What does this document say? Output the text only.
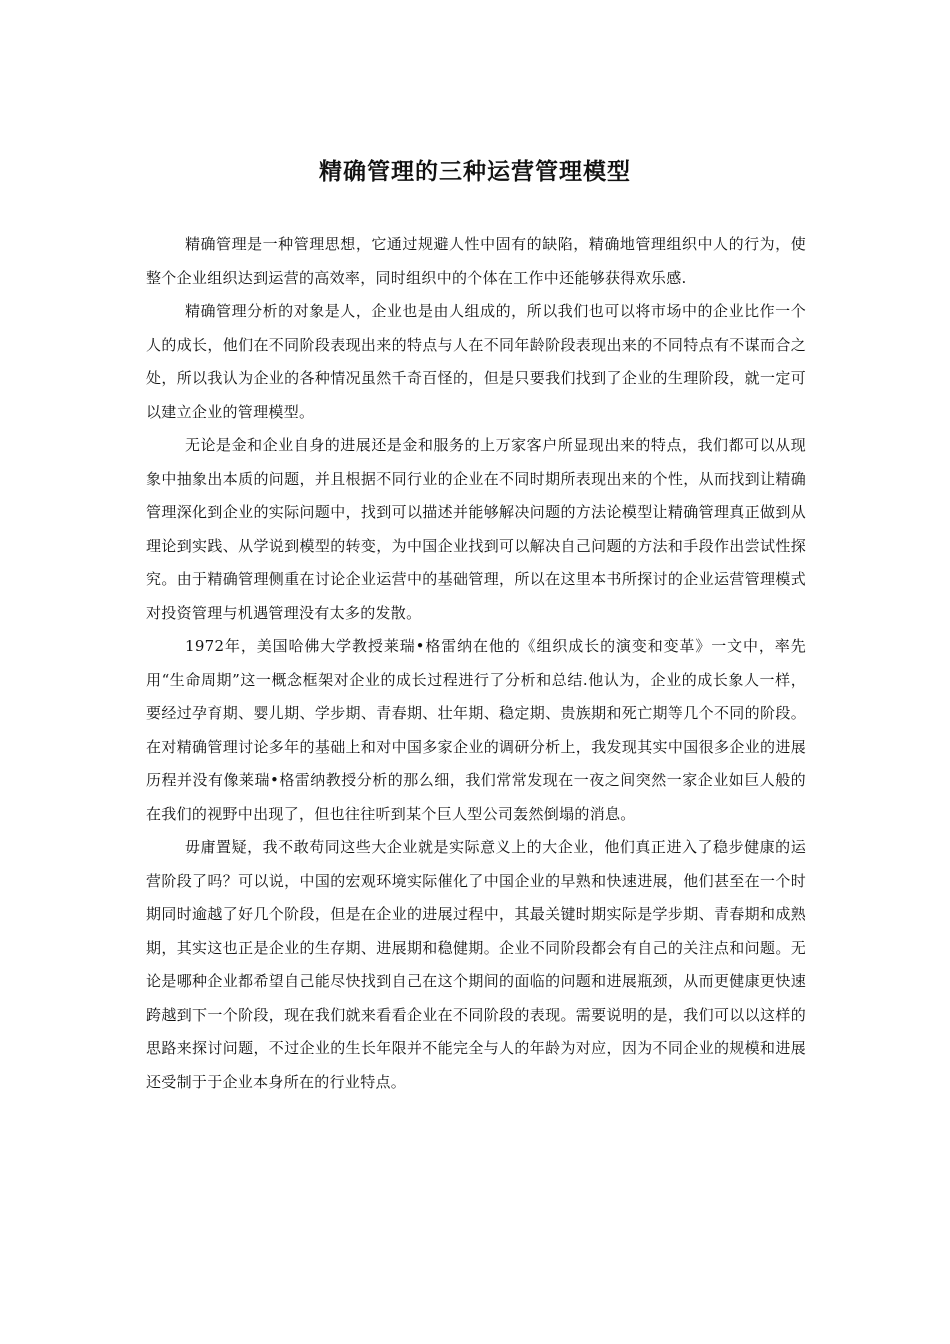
精确管理的三种运营管理模型

精确管理是一种管理思想，它通过规避人性中固有的缺陷，精确地管理组织中人的行为，使整个企业组织达到运营的高效率，同时组织中的个体在工作中还能够获得欢乐感.

精确管理分析的对象是人，企业也是由人组成的，所以我们也可以将市场中的企业比作一个人的成长，他们在不同阶段表现出来的特点与人在不同年龄阶段表现出来的不同特点有不谋而合之处，所以我认为企业的各种情况虽然千奇百怪的，但是只要我们找到了企业的生理阶段，就一定可以建立企业的管理模型。

无论是金和企业自身的进展还是金和服务的上万家客户所显现出来的特点，我们都可以从现象中抽象出本质的问题，并且根据不同行业的企业在不同时期所表现出来的个性，从而找到让精确管理深化到企业的实际问题中，找到可以描述并能够解决问题的方法论模型让精确管理真正做到从理论到实践、从学说到模型的转变，为中国企业找到可以解决自己问题的方法和手段作出尝试性探究。由于精确管理侧重在讨论企业运营中的基础管理，所以在这里本书所探讨的企业运营管理模式对投资管理与机遇管理没有太多的发散。

1972年，美国哈佛大学教授莱瑞•格雷纳在他的《组织成长的演变和变革》一文中，率先用“生命周期”这一概念框架对企业的成长过程进行了分析和总结.他认为，企业的成长象人一样，要经过孕育期、婴儿期、学步期、青春期、壮年期、稳定期、贵族期和死亡期等几个不同的阶段。在对精确管理讨论多年的基础上和对中国多家企业的调研分析上，我发现其实中国很多企业的进展历程并没有像莱瑞•格雷纳教授分析的那么细，我们常常发现在一夜之间突然一家企业如巨人般的在我们的视野中出现了，但也往往听到某个巨人型公司轰然倒塌的消息。

毋庸置疑，我不敢苟同这些大企业就是实际意义上的大企业，他们真正进入了稳步健康的运营阶段了吗？可以说，中国的宏观环境实际催化了中国企业的早熟和快速进展，他们甚至在一个时期同时逾越了好几个阶段，但是在企业的进展过程中，其最关键时期实际是学步期、青春期和成熟期，其实这也正是企业的生存期、进展期和稳健期。企业不同阶段都会有自己的关注点和问题。无论是哪种企业都希望自己能尽快找到自己在这个期间的面临的问题和进展瓶颈，从而更健康更快速跨越到下一个阶段，现在我们就来看看企业在不同阶段的表现。需要说明的是，我们可以以这样的思路来探讨问题，不过企业的生长年限并不能完全与人的年龄为对应，因为不同企业的规模和进展还受制于于企业本身所在的行业特点。
